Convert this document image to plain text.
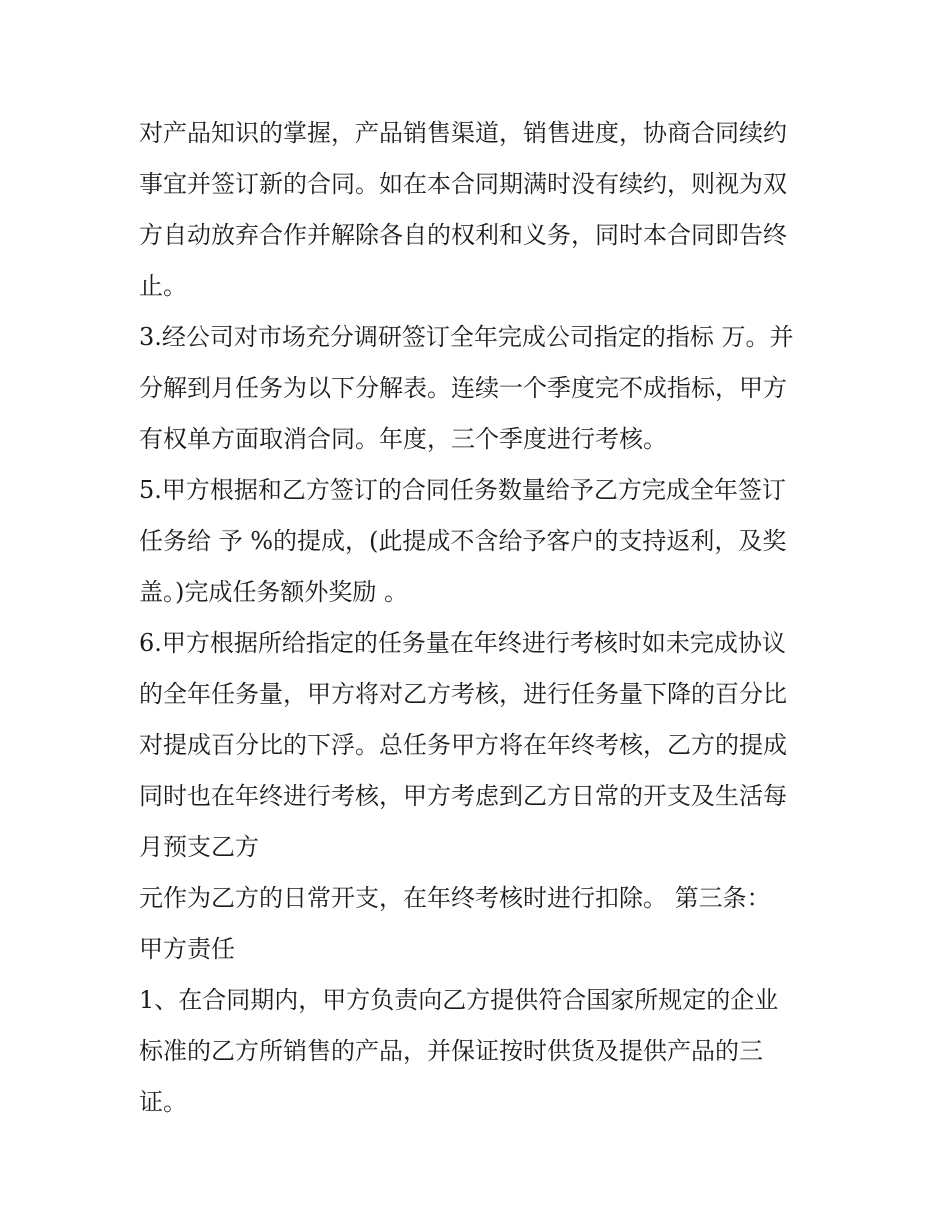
对产品知识的掌握，产品销售渠道，销售进度，协商合同续约
事宜并签订新的合同。如在本合同期满时没有续约，则视为双
方自动放弃合作并解除各自的权利和义务，同时本合同即告终
止。
3.经公司对市场充分调研签订全年完成公司指定的指标 万。并
分解到月任务为以下分解表。连续一个季度完不成指标，甲方
有权单方面取消合同。年度，三个季度进行考核。
5.甲方根据和乙方签订的合同任务数量给予乙方完成全年签订
任务给 予 %的提成，(此提成不含给予客户的支持返利，及奖
盖。)完成任务额外奖励 。
6.甲方根据所给指定的任务量在年终进行考核时如未完成协议
的全年任务量，甲方将对乙方考核，进行任务量下降的百分比
对提成百分比的下浮。总任务甲方将在年终考核，乙方的提成
同时也在年终进行考核，甲方考虑到乙方日常的开支及生活每
月预支乙方
元作为乙方的日常开支，在年终考核时进行扣除。 第三条：
甲方责任
1、在合同期内，甲方负责向乙方提供符合国家所规定的企业
标准的乙方所销售的产品，并保证按时供货及提供产品的三
证。
